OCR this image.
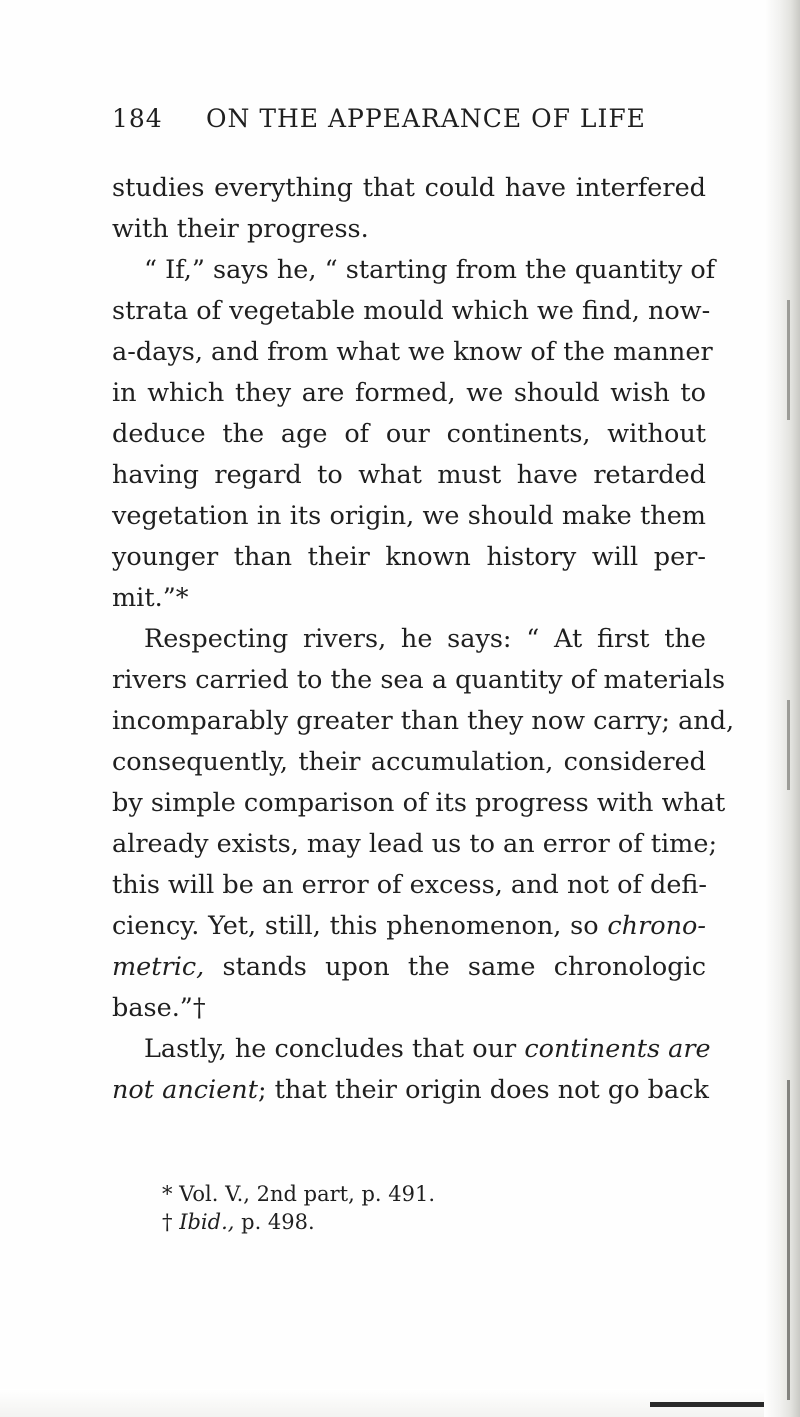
184 ON THE APPEARANCE OF LIFE
studies everything that could have interfered
with their progress.
“ If,” says he, “ starting from the quantity of
strata of vegetable mould which we find, now-
a-days, and from what we know of the manner
in which they are formed, we should wish to
deduce the age of our continents, without
having regard to what must have retarded
vegetation in its origin, we should make them
younger than their known history will per-
mit.”*
Respecting rivers, he says: “ At first the
rivers carried to the sea a quantity of materials
incomparably greater than they now carry; and,
consequently, their accumulation, considered
by simple comparison of its progress with what
already exists, may lead us to an error of time;
this will be an error of excess, and not of defi-
ciency. Yet, still, this phenomenon, so chrono-
metric, stands upon the same chronologic
base.”†
Lastly, he concludes that our continents are
not ancient; that their origin does not go back
* Vol. V., 2nd part, p. 491.
† Ibid., p. 498.
